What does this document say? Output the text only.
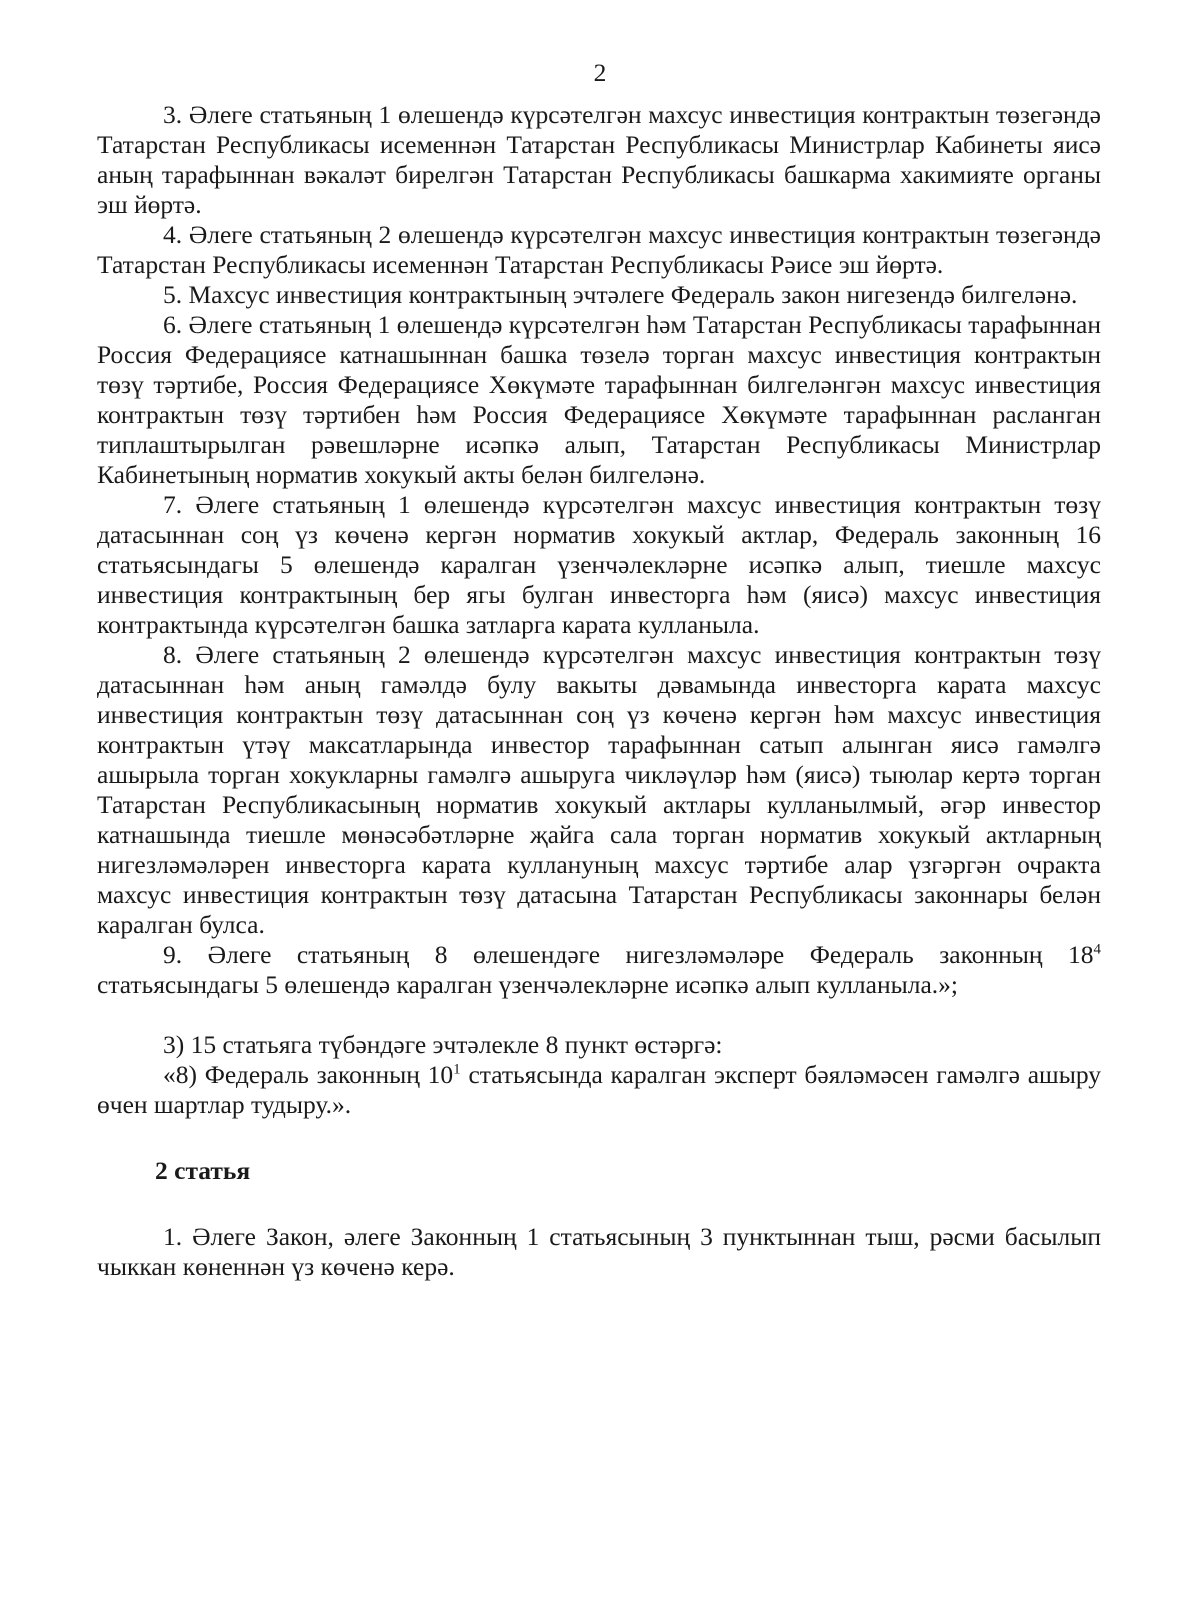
2

3. Әлеге статьяның 1 өлешендә күрсәтелгән махсус инвестиция контрактын төзегәндә Татарстан Республикасы исеменнән Татарстан Республикасы Министрлар Кабинеты яисә аның тарафыннан вәкаләт бирелгән Татарстан Республикасы башкарма хакимияте органы эш йөртә.

4. Әлеге статьяның 2 өлешендә күрсәтелгән махсус инвестиция контрактын төзегәндә Татарстан Республикасы исеменнән Татарстан Республикасы Рәисе эш йөртә.

5. Махсус инвестиция контрактының эчтәлеге Федераль закон нигезендә билгеләнә.

6. Әлеге статьяның 1 өлешендә күрсәтелгән һәм Татарстан Республикасы тарафыннан Россия Федерациясе катнашыннан башка төзелә торган махсус инвестиция контрактын төзү тәртибе, Россия Федерациясе Хөкүмәте тарафыннан билгеләнгән махсус инвестиция контрактын төзү тәртибен һәм Россия Федерациясе Хөкүмәте тарафыннан расланган типлаштырылган рәвешләрне исәпкә алып, Татарстан Республикасы Министрлар Кабинетының норматив хокукый акты белән билгеләнә.

7. Әлеге статьяның 1 өлешендә күрсәтелгән махсус инвестиция контрактын төзү датасыннан соң үз көченә кергән норматив хокукый актлар, Федераль законның 16 статьясындагы 5 өлешендә каралган үзенчәлекләрне исәпкә алып, тиешле махсус инвестиция контрактының бер ягы булган инвесторга һәм (яисә) махсус инвестиция контрактында күрсәтелгән башка затларга карата кулланыла.

8. Әлеге статьяның 2 өлешендә күрсәтелгән махсус инвестиция контрактын төзү датасыннан һәм аның гамәлдә булу вакыты дәвамында инвесторга карата махсус инвестиция контрактын төзү датасыннан соң үз көченә кергән һәм махсус инвестиция контрактын үтәү максатларында инвестор тарафыннан сатып алынган яисә гамәлгә ашырыла торган хокукларны гамәлгә ашыруга чикләүләр һәм (яисә) тыюлар кертә торган Татарстан Республикасының норматив хокукый актлары кулланылмый, әгәр инвестор катнашында тиешле мөнәсәбәтләрне җайга сала торган норматив хокукый актларның нигезләмәләрен инвесторга карата куллануның махсус тәртибе алар үзгәргән очракта махсус инвестиция контрактын төзү датасына Татарстан Республикасы законнары белән каралган булса.

9. Әлеге статьяның 8 өлешендәге нигезләмәләре Федераль законның $18^4$ статьясындагы 5 өлешендә каралган үзенчәлекләрне исәпкә алып кулланыла.»;

3) 15 статьяга түбәндәге эчтәлекле 8 пункт өстәргә:

«8) Федераль законның $10^1$ статьясында каралган эксперт бәяләмәсен гамәлгә ашыру өчен шартлар тудыру.».

2 статья

1. Әлеге Закон, әлеге Законның 1 статьясының 3 пунктыннан тыш, рәсми басылып чыккан көненнән үз көченә керә.
